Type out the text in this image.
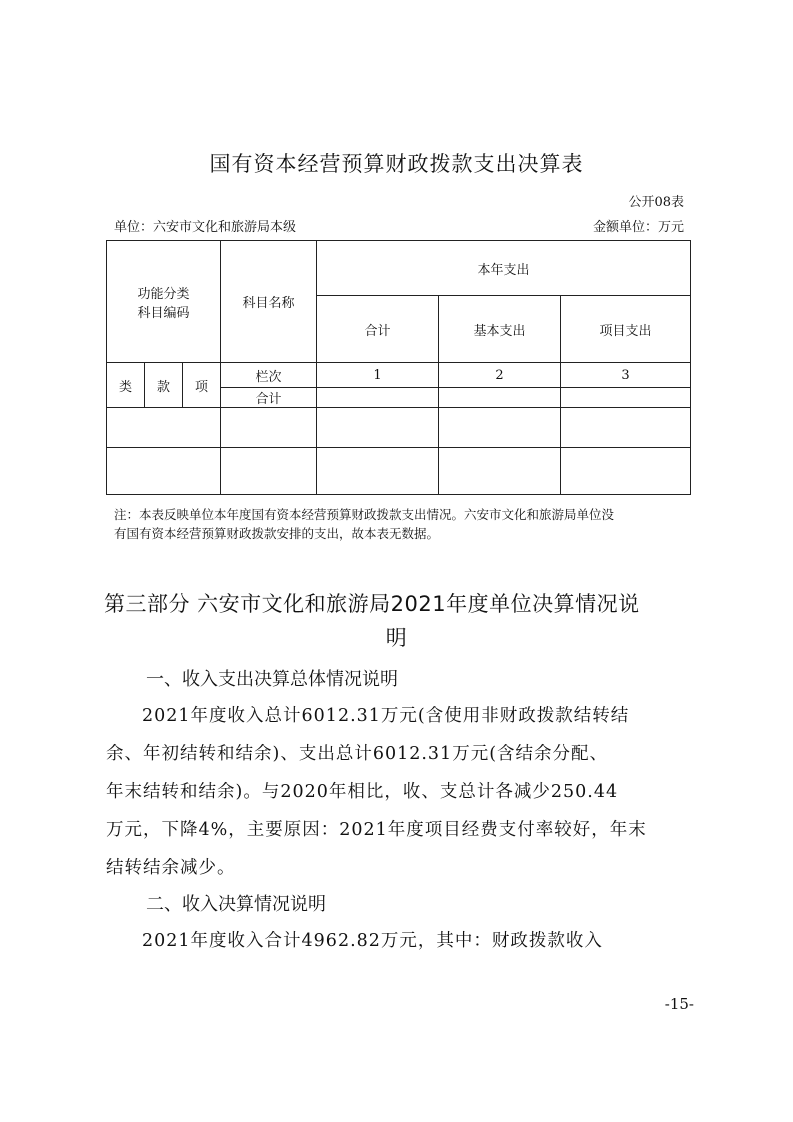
国有资本经营预算财政拨款支出决算表
公开08表
单位：六安市文化和旅游局本级	金额单位：万元
功能分类
科目编码			科目名称	本年支出		
				合计	基本支出	项目支出
类	款	项	栏次	1	2	3
			合计			

注：本表反映单位本年度国有资本经营预算财政拨款支出情况。六安市文化和旅游局单位没
有国有资本经营预算财政拨款安排的支出，故本表无数据。
第三部分 六安市文化和旅游局2021年度单位决算情况说
明
一、收入支出决算总体情况说明
2021年度收入总计6012.31万元(含使用非财政拨款结转结
余、年初结转和结余)、支出总计6012.31万元(含结余分配、
年末结转和结余)。与2020年相比，收、支总计各减少250.44
万元，下降4%，主要原因：2021年度项目经费支付率较好，年末
结转结余减少。
二、收入决算情况说明
2021年度收入合计4962.82万元，其中：财政拨款收入
-15-
